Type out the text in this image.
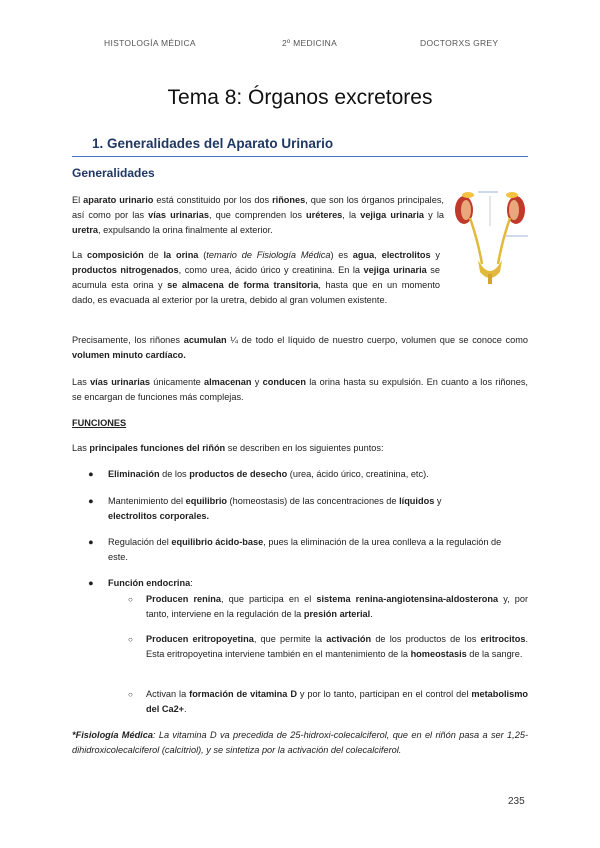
HISTOLOGÍA MÉDICA	2º MEDICINA	DOCTORXS GREY
Tema 8: Órganos excretores
1. Generalidades del Aparato Urinario
Generalidades
El aparato urinario está constituido por los dos riñones, que son los órganos principales, así como por las vías urinarias, que comprenden los uréteres, la vejiga urinaria y la uretra, expulsando la orina finalmente al exterior.
La composición de la orina (temario de Fisiología Médica) es agua, electrolitos y productos nitrogenados, como urea, ácido úrico y creatinina. En la vejiga urinaria se acumula esta orina y se almacena de forma transitoria, hasta que en un momento dado, es evacuada al exterior por la uretra, debido al gran volumen existente.
Precisamente, los riñones acumulan ¼ de todo el líquido de nuestro cuerpo, volumen que se conoce como volumen minuto cardíaco.
Las vías urinarias únicamente almacenan y conducen la orina hasta su expulsión. En cuanto a los riñones, se encargan de funciones más complejas.
FUNCIONES
Las principales funciones del riñón se describen en los siguientes puntos:
● Eliminación de los productos de desecho (urea, ácido úrico, creatinina, etc).
● Mantenimiento del equilibrio (homeostasis) de las concentraciones de líquidos y electrolitos corporales.
● Regulación del equilibrio ácido-base, pues la eliminación de la urea conlleva a la regulación de este.
● Función endocrina:
○ Producen renina, que participa en el sistema renina-angiotensina-aldosterona y, por tanto, interviene en la regulación de la presión arterial.
○ Producen eritropoyetina, que permite la activación de los productos de los eritrocitos. Esta eritropoyetina interviene también en el mantenimiento de la homeostasis de la sangre.
○ Activan la formación de vitamina D y por lo tanto, participan en el control del metabolismo del Ca2+.
*Fisiología Médica: La vitamina D va precedida de 25-hidroxi-colecalciferol, que en el riñón pasa a ser 1,25- dihidroxicolecalciferol (calcitriol), y se sintetiza por la activación del colecalciferol.
235
